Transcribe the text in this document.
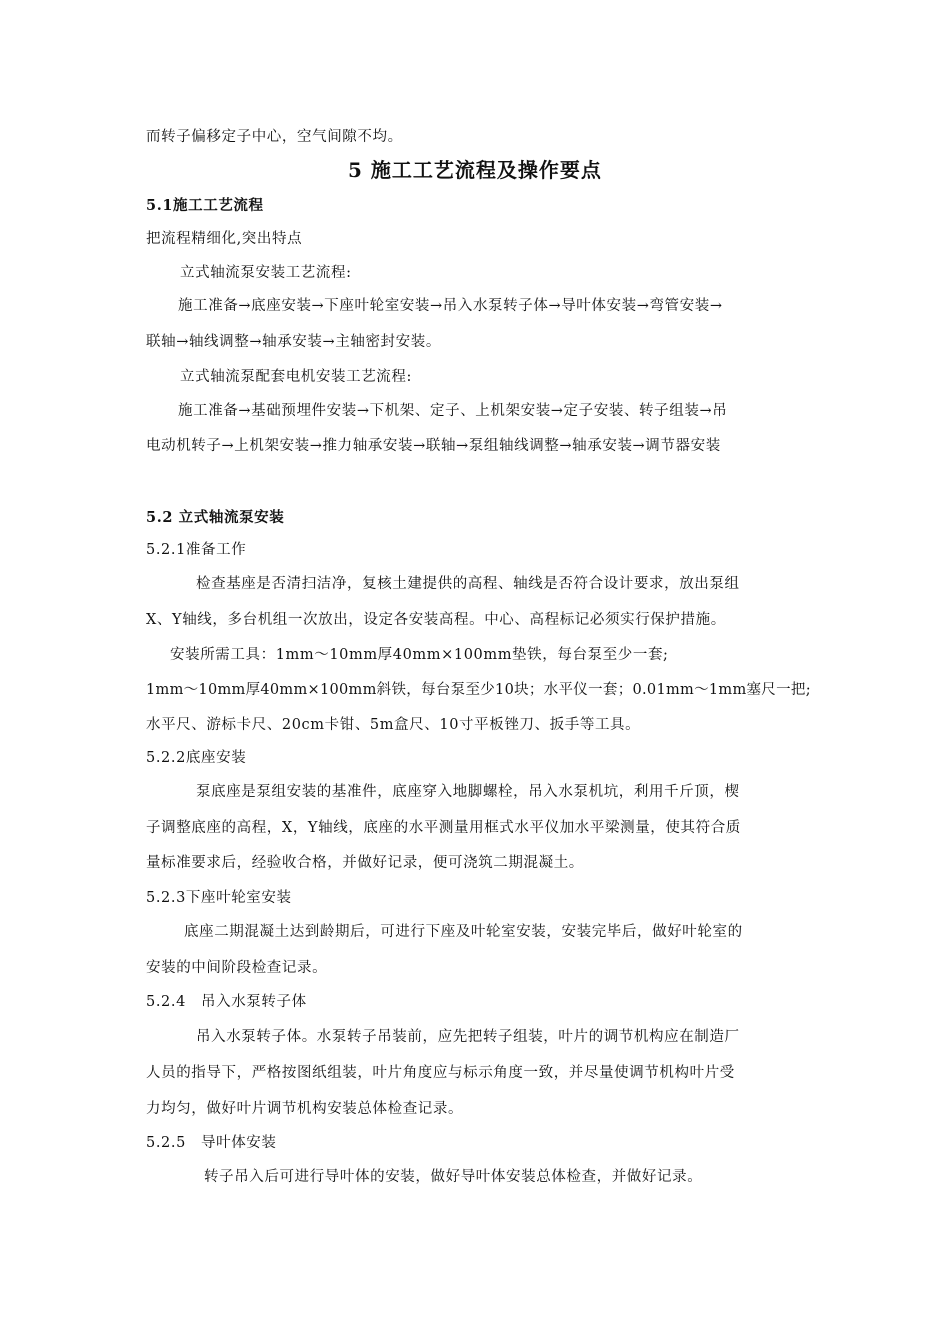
而转子偏移定子中心，空气间隙不均。
5 施工工艺流程及操作要点
5.1施工工艺流程
把流程精细化,突出特点
立式轴流泵安装工艺流程:
施工准备→底座安装→下座叶轮室安装→吊入水泵转子体→导叶体安装→弯管安装→
联轴→轴线调整→轴承安装→主轴密封安装。
立式轴流泵配套电机安装工艺流程:
施工准备→基础预埋件安装→下机架、定子、上机架安装→定子安装、转子组装→吊
电动机转子→上机架安装→推力轴承安装→联轴→泵组轴线调整→轴承安装→调节器安装
5.2 立式轴流泵安装
5.2.1准备工作
检查基座是否清扫洁净，复核土建提供的高程、轴线是否符合设计要求，放出泵组
X、Y轴线，多台机组一次放出，设定各安装高程。中心、高程标记必须实行保护措施。
安装所需工具：1mm～10mm厚40mm×100mm垫铁，每台泵至少一套;
1mm～10mm厚40mm×100mm斜铁，每台泵至少10块；水平仪一套；0.01mm～1mm塞尺一把;
水平尺、游标卡尺、20cm卡钳、5m盒尺、10寸平板锉刀、扳手等工具。
5.2.2底座安装
泵底座是泵组安装的基准件，底座穿入地脚螺栓，吊入水泵机坑，利用千斤顶，楔
子调整底座的高程，X，Y轴线，底座的水平测量用框式水平仪加水平梁测量，使其符合质
量标准要求后，经验收合格，并做好记录，便可浇筑二期混凝土。
5.2.3下座叶轮室安装
底座二期混凝土达到龄期后，可进行下座及叶轮室安装，安装完毕后，做好叶轮室的
安装的中间阶段检查记录。
5.2.4　吊入水泵转子体
吊入水泵转子体。水泵转子吊装前，应先把转子组装，叶片的调节机构应在制造厂
人员的指导下，严格按图纸组装，叶片角度应与标示角度一致，并尽量使调节机构叶片受
力均匀，做好叶片调节机构安装总体检查记录。
5.2.5　导叶体安装
转子吊入后可进行导叶体的安装，做好导叶体安装总体检查，并做好记录。
